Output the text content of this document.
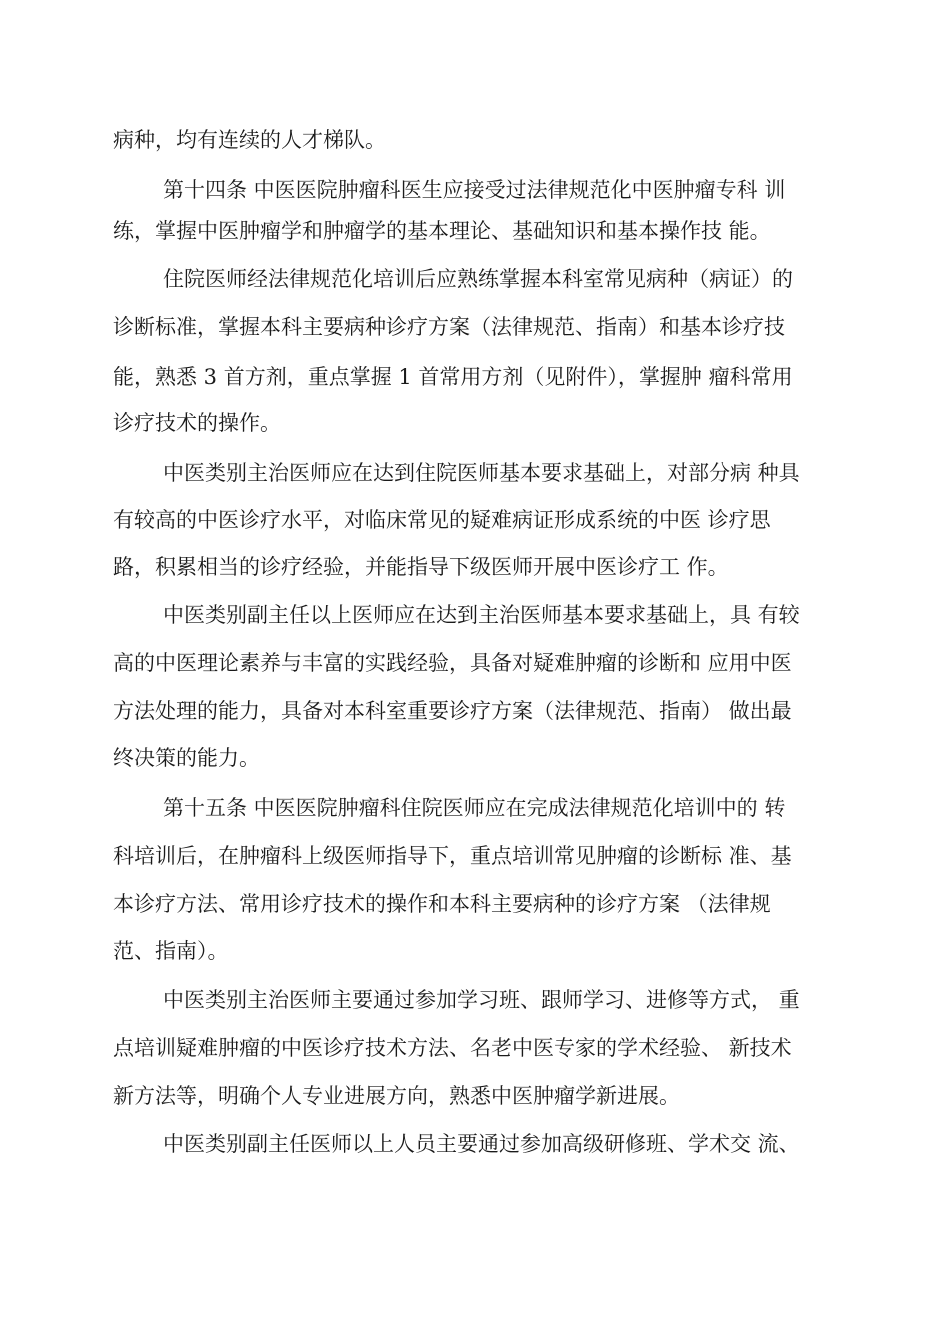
病种，均有连续的人才梯队。

第十四条 中医医院肿瘤科医生应接受过法律规范化中医肿瘤专科 训

练，掌握中医肿瘤学和肿瘤学的基本理论、基础知识和基本操作技 能。

住院医师经法律规范化培训后应熟练掌握本科室常见病种（病证）的

诊断标准，掌握本科主要病种诊疗方案（法律规范、指南）和基本诊疗技

能，熟悉 3 首方剂，重点掌握 1 首常用方剂（见附件），掌握肿 瘤科常用

诊疗技术的操作。

中医类别主治医师应在达到住院医师基本要求基础上，对部分病 种具

有较高的中医诊疗水平，对临床常见的疑难病证形成系统的中医 诊疗思

路，积累相当的诊疗经验，并能指导下级医师开展中医诊疗工 作。

中医类别副主任以上医师应在达到主治医师基本要求基础上，具 有较

高的中医理论素养与丰富的实践经验，具备对疑难肿瘤的诊断和 应用中医

方法处理的能力，具备对本科室重要诊疗方案（法律规范、指南） 做出最

终决策的能力。

第十五条 中医医院肿瘤科住院医师应在完成法律规范化培训中的 转

科培训后，在肿瘤科上级医师指导下，重点培训常见肿瘤的诊断标 准、基

本诊疗方法、常用诊疗技术的操作和本科主要病种的诊疗方案 （法律规

范、指南）。

中医类别主治医师主要通过参加学习班、跟师学习、进修等方式， 重

点培训疑难肿瘤的中医诊疗技术方法、名老中医专家的学术经验、 新技术

新方法等，明确个人专业进展方向，熟悉中医肿瘤学新进展。

中医类别副主任医师以上人员主要通过参加高级研修班、学术交 流、
